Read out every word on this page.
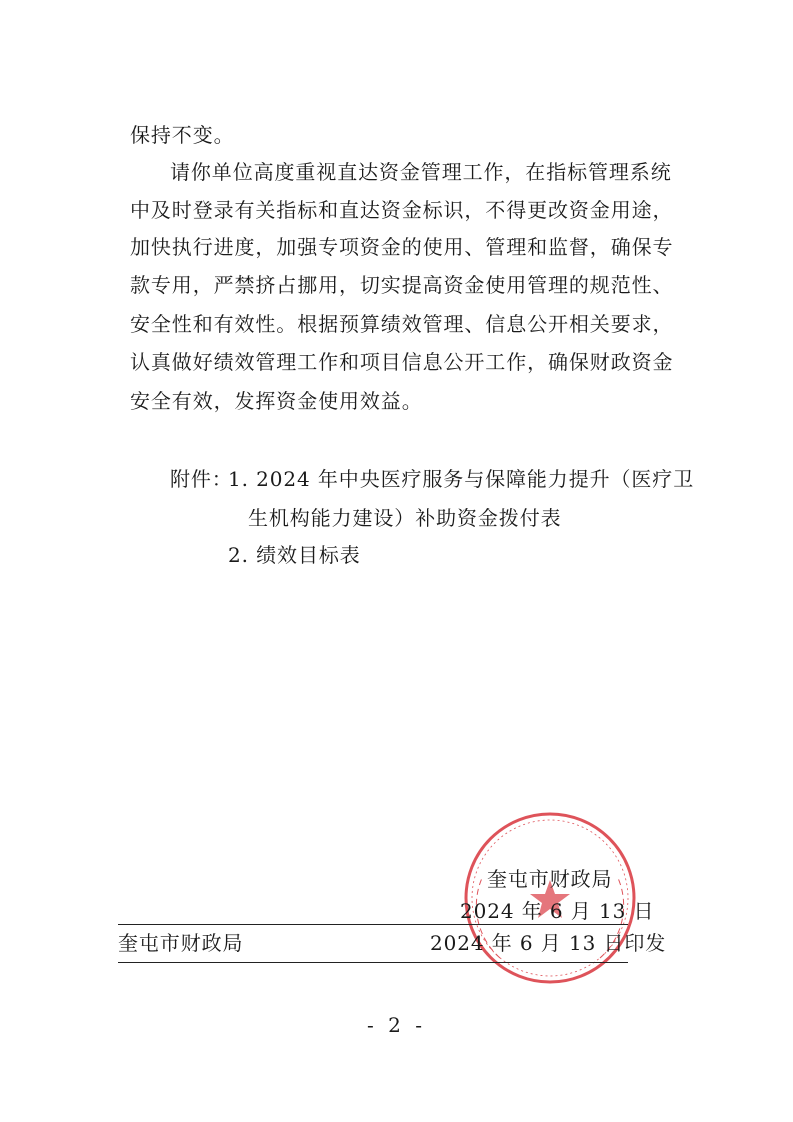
保持不变。
请你单位高度重视直达资金管理工作，在指标管理系统
中及时登录有关指标和直达资金标识，不得更改资金用途，
加快执行进度，加强专项资金的使用、管理和监督，确保专
款专用，严禁挤占挪用，切实提高资金使用管理的规范性、
安全性和有效性。根据预算绩效管理、信息公开相关要求，
认真做好绩效管理工作和项目信息公开工作，确保财政资金
安全有效，发挥资金使用效益。
附件：
1. 2024 年中央医疗服务与保障能力提升（医疗卫
生机构能力建设）补助资金拨付表
2. 绩效目标表
奎屯市财政局
2024 年 6 月 13 日
奎屯市财政局	2024 年 6 月 13 日印发
- 2 -
